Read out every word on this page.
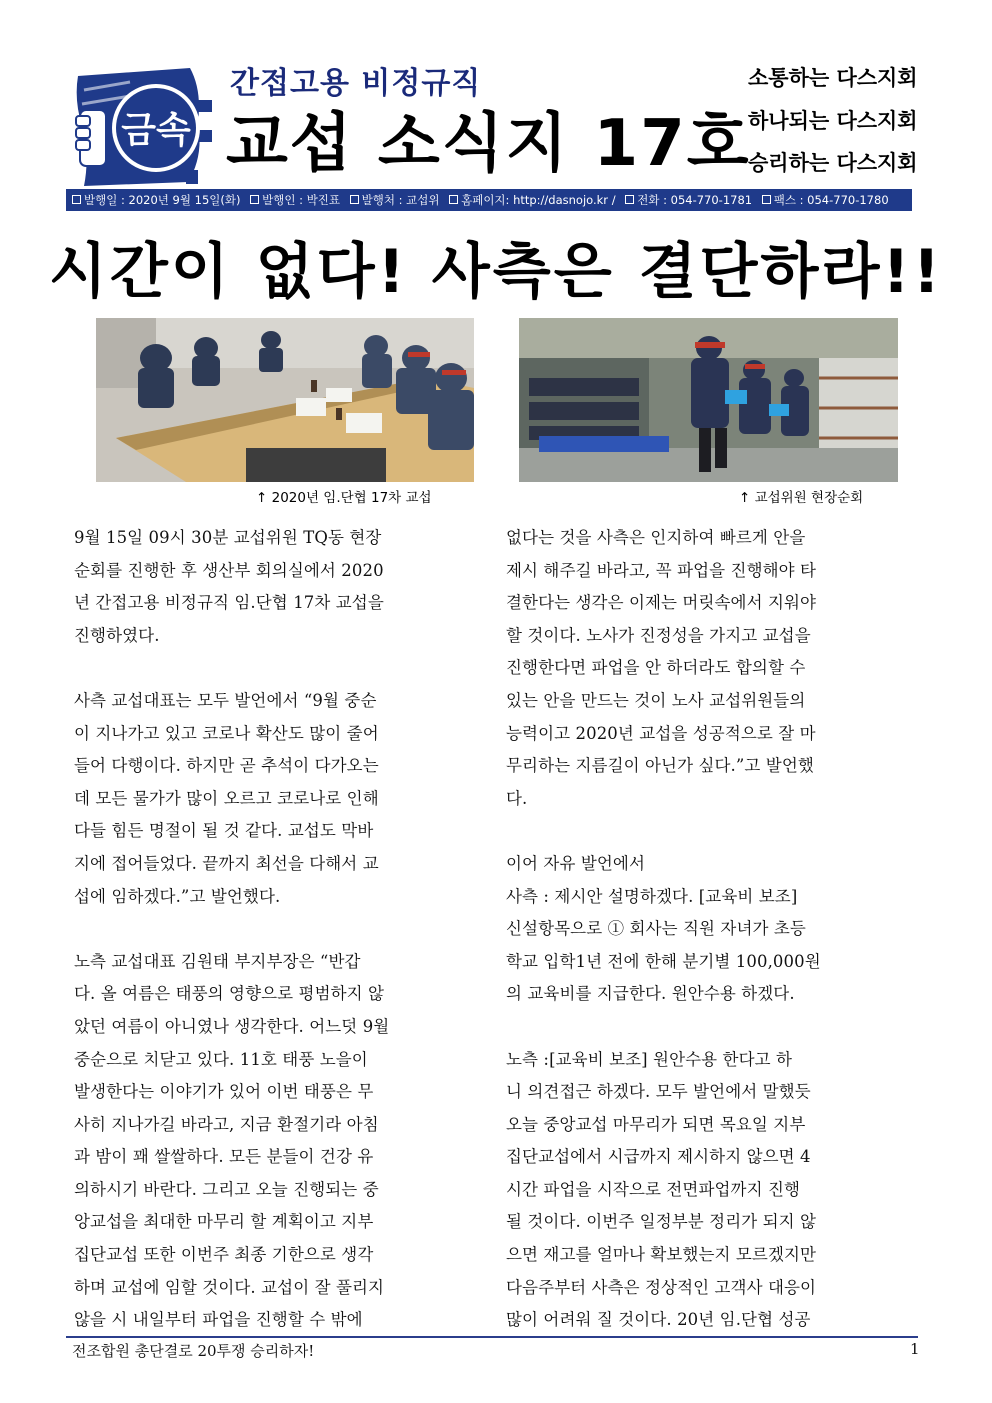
금속
간접고용 비정규직
교섭 소식지 17호
소통하는 다스지회
하나되는 다스지회
승리하는 다스지회
발행일 : 2020년 9월 15일(화) 발행인 : 박진표 발행처 : 교섭위 홈페이지: http://dasnojo.kr / 전화 : 054-770-1781 팩스 : 054-770-1780
시간이 없다! 사측은 결단하라!!
↑ 2020년 임.단협 17차 교섭	↑ 교섭위원 현장순회

9월 15일 09시 30분 교섭위원 TQ동 현장

순회를 진행한 후 생산부 회의실에서 2020

년 간접고용 비정규직 임.단협 17차 교섭을

진행하였다.

사측 교섭대표는 모두 발언에서 “9월 중순

이 지나가고 있고 코로나 확산도 많이 줄어

들어 다행이다. 하지만 곧 추석이 다가오는

데 모든 물가가 많이 오르고 코로나로 인해

다들 힘든 명절이 될 것 같다. 교섭도 막바

지에 접어들었다. 끝까지 최선을 다해서 교

섭에 임하겠다.”고 발언했다.

노측 교섭대표 김원태 부지부장은 “반갑

다. 올 여름은 태풍의 영향으로 평범하지 않

았던 여름이 아니였나 생각한다. 어느덧 9월

중순으로 치닫고 있다. 11호 태풍 노을이

발생한다는 이야기가 있어 이번 태풍은 무

사히 지나가길 바라고, 지금 환절기라 아침

과 밤이 꽤 쌀쌀하다. 모든 분들이 건강 유

의하시기 바란다. 그리고 오늘 진행되는 중

앙교섭을 최대한 마무리 할 계획이고 지부

집단교섭 또한 이번주 최종 기한으로 생각

하며 교섭에 임할 것이다. 교섭이 잘 풀리지

않을 시 내일부터 파업을 진행할 수 밖에

없다는 것을 사측은 인지하여 빠르게 안을

제시 해주길 바라고, 꼭 파업을 진행해야 타

결한다는 생각은 이제는 머릿속에서 지워야

할 것이다. 노사가 진정성을 가지고 교섭을

진행한다면 파업을 안 하더라도 합의할 수

있는 안을 만드는 것이 노사 교섭위원들의

능력이고 2020년 교섭을 성공적으로 잘 마

무리하는 지름길이 아닌가 싶다.”고 발언했

다.

이어 자유 발언에서

사측 : 제시안 설명하겠다. [교육비 보조]

신설항목으로 ① 회사는 직원 자녀가 초등

학교 입학1년 전에 한해 분기별 100,000원

의 교육비를 지급한다. 원안수용 하겠다.

노측 :[교육비 보조] 원안수용 한다고 하

니 의견접근 하겠다. 모두 발언에서 말했듯

오늘 중앙교섭 마무리가 되면 목요일 지부

집단교섭에서 시급까지 제시하지 않으면 4

시간 파업을 시작으로 전면파업까지 진행

될 것이다. 이번주 일정부분 정리가 되지 않

으면 재고를 얼마나 확보했는지 모르겠지만

다음주부터 사측은 정상적인 고객사 대응이

많이 어려워 질 것이다. 20년 임.단협 성공

전조합원 총단결로 20투쟁 승리하자!	1
